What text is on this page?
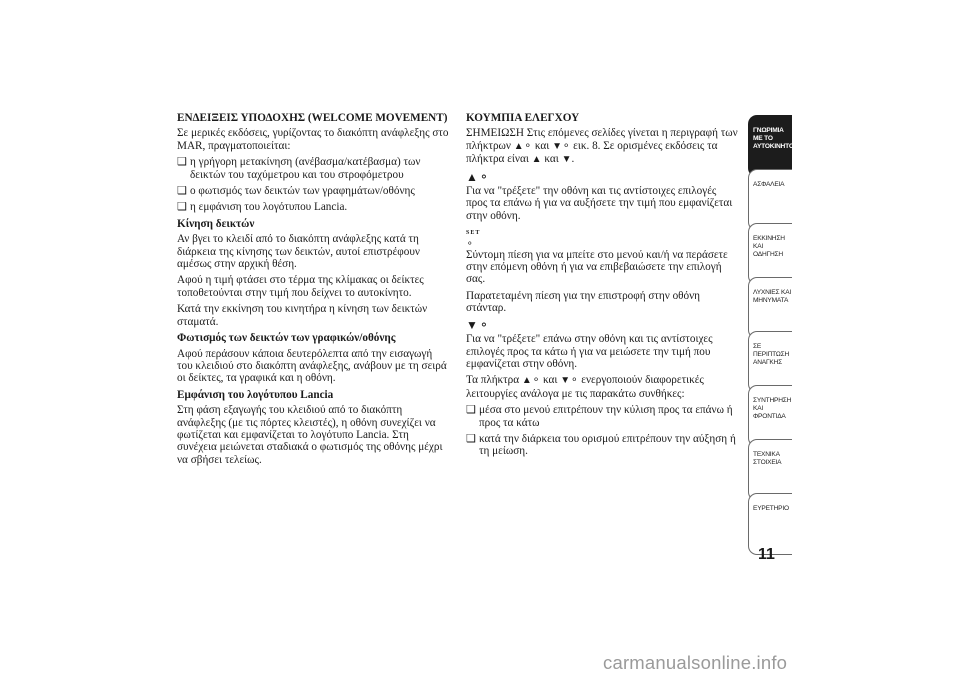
ΕΝΔΕΙΞΕΙΣ ΥΠΟΔΟΧΗΣ (WELCOME MOVEMENT)
Σε μερικές εκδόσεις, γυρίζοντας το διακόπτη ανάφλεξης στο MAR, πραγματοποιείται:
❑ η γρήγορη μετακίνηση (ανέβασμα/κατέβασμα) των δεικτών του ταχύμετρου και του στροφόμετρου
❑ ο φωτισμός των δεικτών των γραφημάτων/οθόνης
❑ η εμφάνιση του λογότυπου Lancia.
Κίνηση δεικτών
Αν βγει το κλειδί από το διακόπτη ανάφλεξης κατά τη διάρκεια της κίνησης των δεικτών, αυτοί επιστρέφουν αμέσως στην αρχική θέση.
Αφού η τιμή φτάσει στο τέρμα της κλίμακας οι δείκτες τοποθετούνται στην τιμή που δείχνει το αυτοκίνητο.
Κατά την εκκίνηση του κινητήρα η κίνηση των δεικτών σταματά.
Φωτισμός των δεικτών των γραφικών/οθόνης
Αφού περάσουν κάποια δευτερόλεπτα από την εισαγωγή του κλειδιού στο διακόπτη ανάφλεξης, ανάβουν με τη σειρά οι δείκτες, τα γραφικά και η οθόνη.
Εμφάνιση του λογότυπου Lancia
Στη φάση εξαγωγής του κλειδιού από το διακόπτη ανάφλεξης (με τις πόρτες κλειστές), η οθόνη συνεχίζει να φωτίζεται και εμφανίζεται το λογότυπο Lancia. Στη συνέχεια μειώνεται σταδιακά ο φωτισμός της οθόνης μέχρι να σβήσει τελείως.
ΚΟΥΜΠΙΑ ΕΛΕΓΧΟΥ
ΣΗΜΕΙΩΣΗ Στις επόμενες σελίδες γίνεται η περιγραφή των πλήκτρων ▲⚬ και ▼⚬ εικ. 8. Σε ορισμένες εκδόσεις τα πλήκτρα είναι ▲ και ▼.
▲⚬
Για να "τρέξετε" την οθόνη και τις αντίστοιχες επιλογές προς τα επάνω ή για να αυξήσετε την τιμή που εμφανίζεται στην οθόνη.
SET
⚬
Σύντομη πίεση για να μπείτε στο μενού και/ή να περάσετε στην επόμενη οθόνη ή για να επιβεβαιώσετε την επιλογή σας.
Παρατεταμένη πίεση για την επιστροφή στην οθόνη στάνταρ.
▼⚬
Για να "τρέξετε" επάνω στην οθόνη και τις αντίστοιχες επιλογές προς τα κάτω ή για να μειώσετε την τιμή που εμφανίζεται στην οθόνη.
Τα πλήκτρα ▲⚬ και ▼⚬ ενεργοποιούν διαφορετικές λειτουργίες ανάλογα με τις παρακάτω συνθήκες:
❑ μέσα στο μενού επιτρέπουν την κύλιση προς τα επάνω ή προς τα κάτω
❑ κατά την διάρκεια του ορισμού επιτρέπουν την αύξηση ή τη μείωση.
ΓΝΩΡΙΜΙΑ ΜΕ ΤΟ ΑΥΤΟΚΙΝΗΤΟ
ΑΣΦΑΛΕΙΑ
ΕΚΚΙΝΗΣΗ ΚΑΙ ΟΔΗΓΗΣΗ
ΛΥΧΝΙΕΣ ΚΑΙ ΜΗΝΥΜΑΤΑ
ΣΕ ΠΕΡΙΠΤΩΣΗ ΑΝΑΓΚΗΣ
ΣΥΝΤΗΡΗΣΗ ΚΑΙ ΦΡΟΝΤΙΔΑ
ΤΕΧΝΙΚΑ ΣΤΟΙΧΕΙΑ
ΕΥΡΕΤΗΡΙΟ
11
carmanualsonline.info
